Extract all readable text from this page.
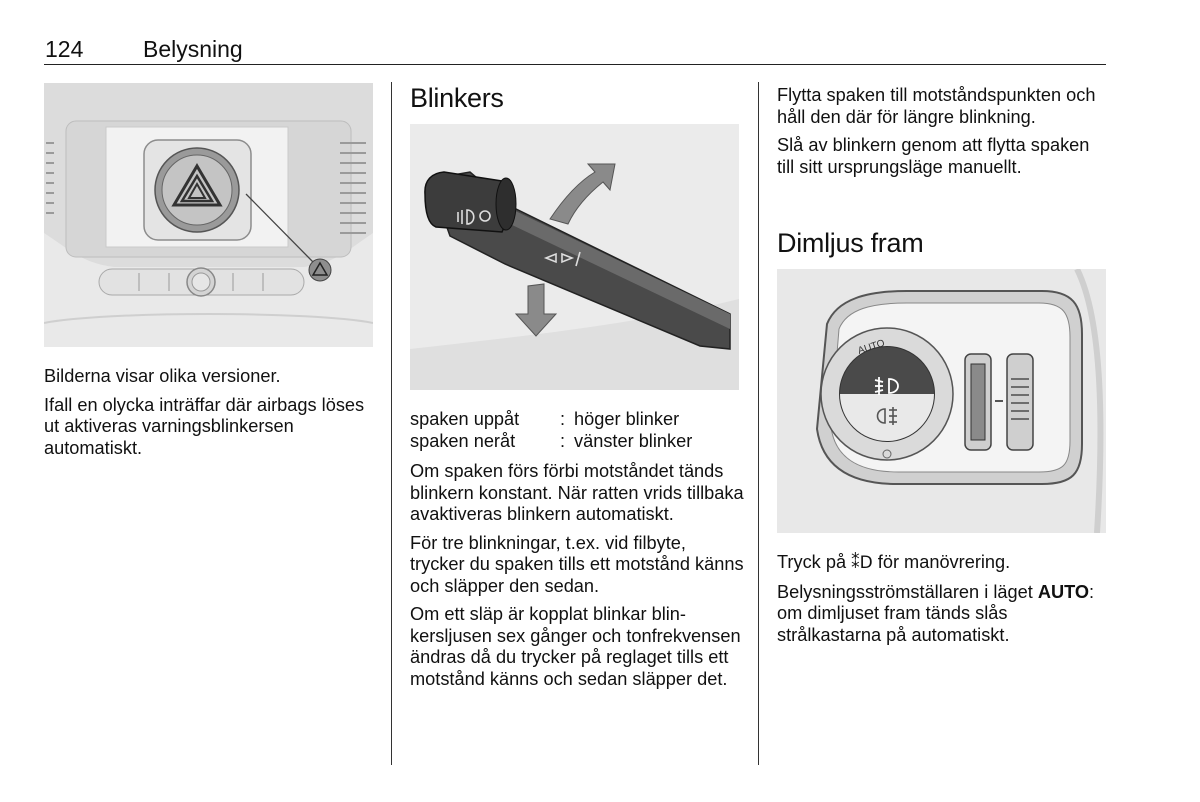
124	Belysning

Bilderna visar olika versioner.

Ifall en olycka inträffar där airbags löses ut aktiveras varningsblinkersen automatiskt.

Blinkers
spaken uppåt	: höger blinker
spaken neråt	: vänster blinker

Om spaken förs förbi motståndet tänds blinkern konstant. När ratten vrids tillbaka avaktiveras blinkern automatiskt.

För tre blinkningar, t.ex. vid filbyte, trycker du spaken tills ett motstånd känns och släpper den sedan.

Om ett släp är kopplat blinkar blinkersljusen sex gånger och tonfrekvensen ändras då du trycker på reglaget tills ett motstånd känns och sedan släpper det.

Flytta spaken till motståndspunkten och håll den där för längre blinkning.

Slå av blinkern genom att flytta spaken till sitt ursprungsläge manuellt.

Dimljus fram
AUTO

Tryck på ⁑D för manövrering.

Belysningsströmställaren i läget AUTO: om dimljuset fram tänds slås strålkastarna på automatiskt.
